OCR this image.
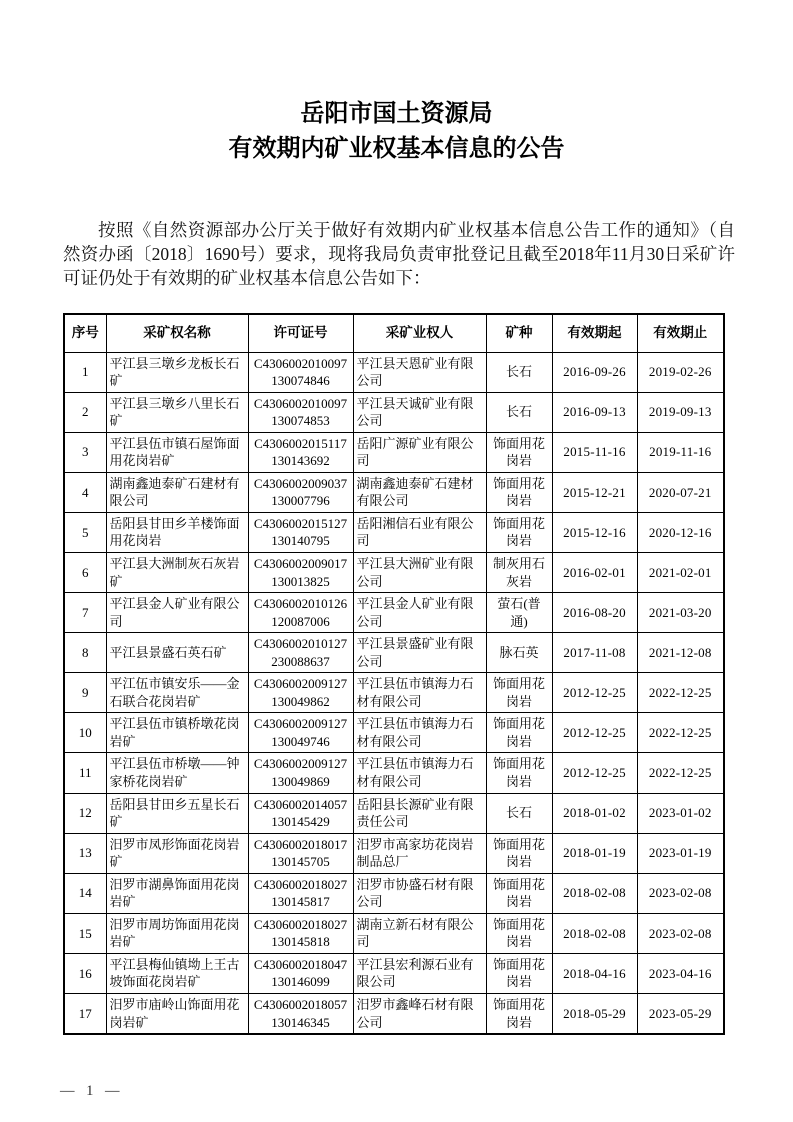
岳阳市国土资源局
有效期内矿业权基本信息的公告

按照《自然资源部办公厅关于做好有效期内矿业权基本信息公告工作的通知》（自然资办函〔2018〕1690号）要求，现将我局负责审批登记且截至2018年11月30日采矿许可证仍处于有效期的矿业权基本信息公告如下：

序号	采矿权名称	许可证号	采矿业权人	矿种	有效期起	有效期止
1	平江县三墩乡龙板长石矿	C4306002010097
130074846	平江县天恩矿业有限公司	长石	2016-09-26	2019-02-26
2	平江县三墩乡八里长石矿	C4306002010097
130074853	平江县天诚矿业有限公司	长石	2016-09-13	2019-09-13
3	平江县伍市镇石屋饰面用花岗岩矿	C4306002015117
130143692	岳阳广源矿业有限公司	饰面用花岗岩	2015-11-16	2019-11-16
4	湖南鑫迪泰矿石建材有限公司	C4306002009037
130007796	湖南鑫迪泰矿石建材有限公司	饰面用花岗岩	2015-12-21	2020-07-21
5	岳阳县甘田乡羊楼饰面用花岗岩	C4306002015127
130140795	岳阳湘信石业有限公司	饰面用花岗岩	2015-12-16	2020-12-16
6	平江县大洲制灰石灰岩矿	C4306002009017
130013825	平江县大洲矿业有限公司	制灰用石灰岩	2016-02-01	2021-02-01
7	平江县金人矿业有限公司	C4306002010126
120087006	平江县金人矿业有限公司	萤石(普通)	2016-08-20	2021-03-20
8	平江县景盛石英石矿	C4306002010127
230088637	平江县景盛矿业有限公司	脉石英	2017-11-08	2021-12-08
9	平江伍市镇安乐——金石联合花岗岩矿	C4306002009127
130049862	平江县伍市镇海力石材有限公司	饰面用花岗岩	2012-12-25	2022-12-25
10	平江县伍市镇桥墩花岗岩矿	C4306002009127
130049746	平江县伍市镇海力石材有限公司	饰面用花岗岩	2012-12-25	2022-12-25
11	平江县伍市桥墩——钟家桥花岗岩矿	C4306002009127
130049869	平江县伍市镇海力石材有限公司	饰面用花岗岩	2012-12-25	2022-12-25
12	岳阳县甘田乡五星长石矿	C4306002014057
130145429	岳阳县长源矿业有限责任公司	长石	2018-01-02	2023-01-02
13	汨罗市凤形饰面花岗岩矿	C4306002018017
130145705	汨罗市高家坊花岗岩制品总厂	饰面用花岗岩	2018-01-19	2023-01-19
14	汨罗市湖鼻饰面用花岗岩矿	C4306002018027
130145817	汨罗市协盛石材有限公司	饰面用花岗岩	2018-02-08	2023-02-08
15	汨罗市周坊饰面用花岗岩矿	C4306002018027
130145818	湖南立新石材有限公司	饰面用花岗岩	2018-02-08	2023-02-08
16	平江县梅仙镇坳上王古坡饰面花岗岩矿	C4306002018047
130146099	平江县宏利源石业有限公司	饰面用花岗岩	2018-04-16	2023-04-16
17	汨罗市庙岭山饰面用花岗岩矿	C4306002018057
130146345	汨罗市鑫峰石材有限公司	饰面用花岗岩	2018-05-29	2023-05-29
— 1 —
